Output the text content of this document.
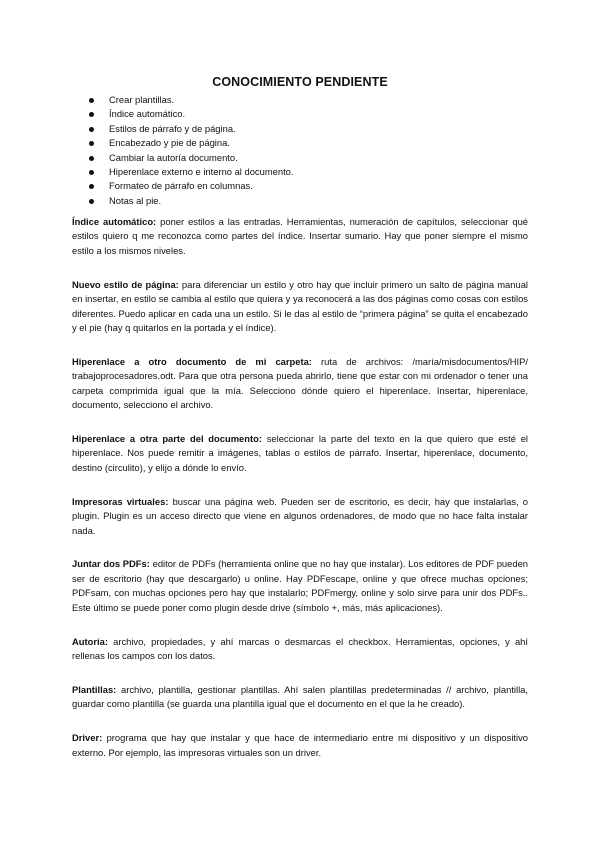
CONOCIMIENTO PENDIENTE
Crear plantillas.
Índice automático.
Estilos de párrafo y de página.
Encabezado y pie de página.
Cambiar la autoría documento.
Hiperenlace externo e interno al documento.
Formateo de párrafo en columnas.
Notas al pie.

Índice automático: poner estilos a las entradas. Herramientas, numeración de capítulos, seleccionar qué estilos quiero q me reconozca como partes del índice. Insertar sumario. Hay que poner siempre el mismo estilo a los mismos niveles.

Nuevo estilo de página: para diferenciar un estilo y otro hay que incluir primero un salto de página manual en insertar, en estilo se cambia al estilo que quiera y ya reconocerá a las dos páginas como cosas con estilos diferentes. Puedo aplicar en cada una un estilo. Si le das al estilo de “primera página” se quita el encabezado y el pie (hay q quitarlos en la portada y el índice).

Hiperenlace a otro documento de mi carpeta: ruta de archivos: /maría/misdocumentos/HIP/ trabajoprocesadores.odt. Para que otra persona pueda abrirlo, tiene que estar con mi ordenador o tener una carpeta comprimida igual que la mía. Selecciono dónde quiero el hiperenlace. Insertar, hiperenlace, documento, selecciono el archivo.

Hiperenlace a otra parte del documento: seleccionar la parte del texto en la que quiero que esté el hiperenlace. Nos puede remitir a imágenes, tablas o estilos de párrafo. Insertar, hiperenlace, documento, destino (circulito), y elijo a dónde lo envío.

Impresoras virtuales: buscar una página web. Pueden ser de escritorio, es decir, hay que instalarlas, o plugin. Plugin es un acceso directo que viene en algunos ordenadores, de modo que no hace falta instalar nada.

Juntar dos PDFs: editor de PDFs (herramienta online que no hay que instalar). Los editores de PDF pueden ser de escritorio (hay que descargarlo) u online. Hay PDFescape, online y que ofrece muchas opciones; PDFsam, con muchas opciones pero hay que instalarlo; PDFmergy, online y solo sirve para unir dos PDFs.. Este último se puede poner como plugin desde drive (símbolo +, más, más aplicaciones).

Autoría: archivo, propiedades, y ahí marcas o desmarcas el checkbox. Herramientas, opciones, y ahí rellenas los campos con los datos.

Plantillas: archivo, plantilla, gestionar plantillas. Ahí salen plantillas predeterminadas // archivo, plantilla, guardar como plantilla (se guarda una plantilla igual que el documento en el que la he creado).

Driver: programa que hay que instalar y que hace de intermediario entre mi dispositivo y un dispositivo externo. Por ejemplo, las impresoras virtuales son un driver.
